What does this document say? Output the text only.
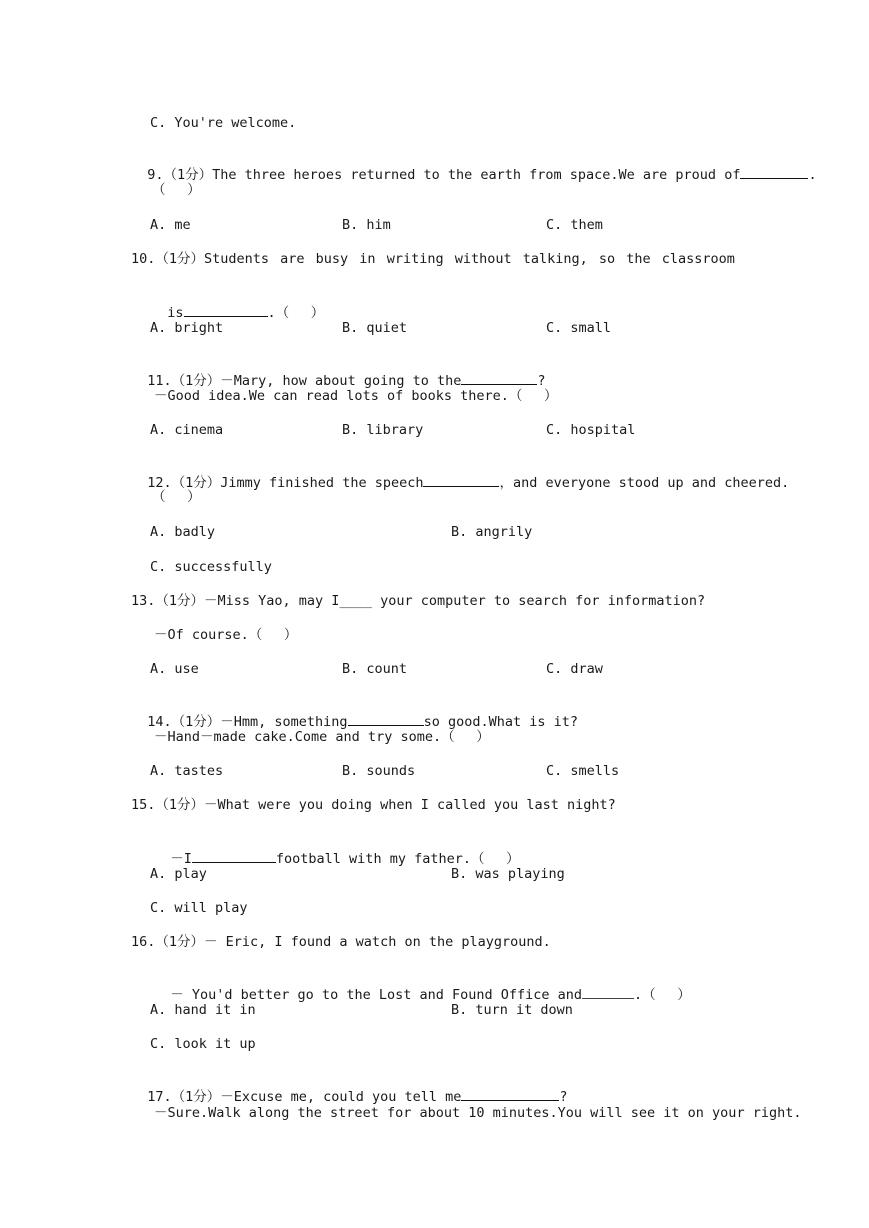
C. You're welcome.

9.（1分）The three heroes returned to the earth from space.We are proud of	.

（　 ）
A. me	B. him	C. them
10.（1分）Students are busy in writing without talking, so the classroom

is	.（　 ）

A. bright	B. quiet	C. small

11.（1分）－Mary, how about going to the	?

－Good idea.We can read lots of books there.（　 ）
A. cinema	B. library	C. hospital

12.（1分）Jimmy finished the speech	，and everyone stood up and cheered.

（　 ）
A. badly	B. angrily
C. successfully
13.（1分）－Miss Yao, may I____ your computer to search for information?
－Of course.（　 ）
A. use	B. count	C. draw

14.（1分）－Hmm, something	so good.What is it?

－Hand－made cake.Come and try some.（　 ）
A. tastes	B. sounds	C. smells
15.（1分）－What were you doing when I called you last night?

－I	football with my father.（　 ）

A. play	B. was playing
C. will play
16.（1分）－ Eric, I found a watch on the playground.

－ You'd better go to the Lost and Found Office and	.（　 ）

A. hand it in	B. turn it down
C. look it up

17.（1分）－Excuse me, could you tell me	?

－Sure.Walk along the street for about 10 minutes.You will see it on your right.
